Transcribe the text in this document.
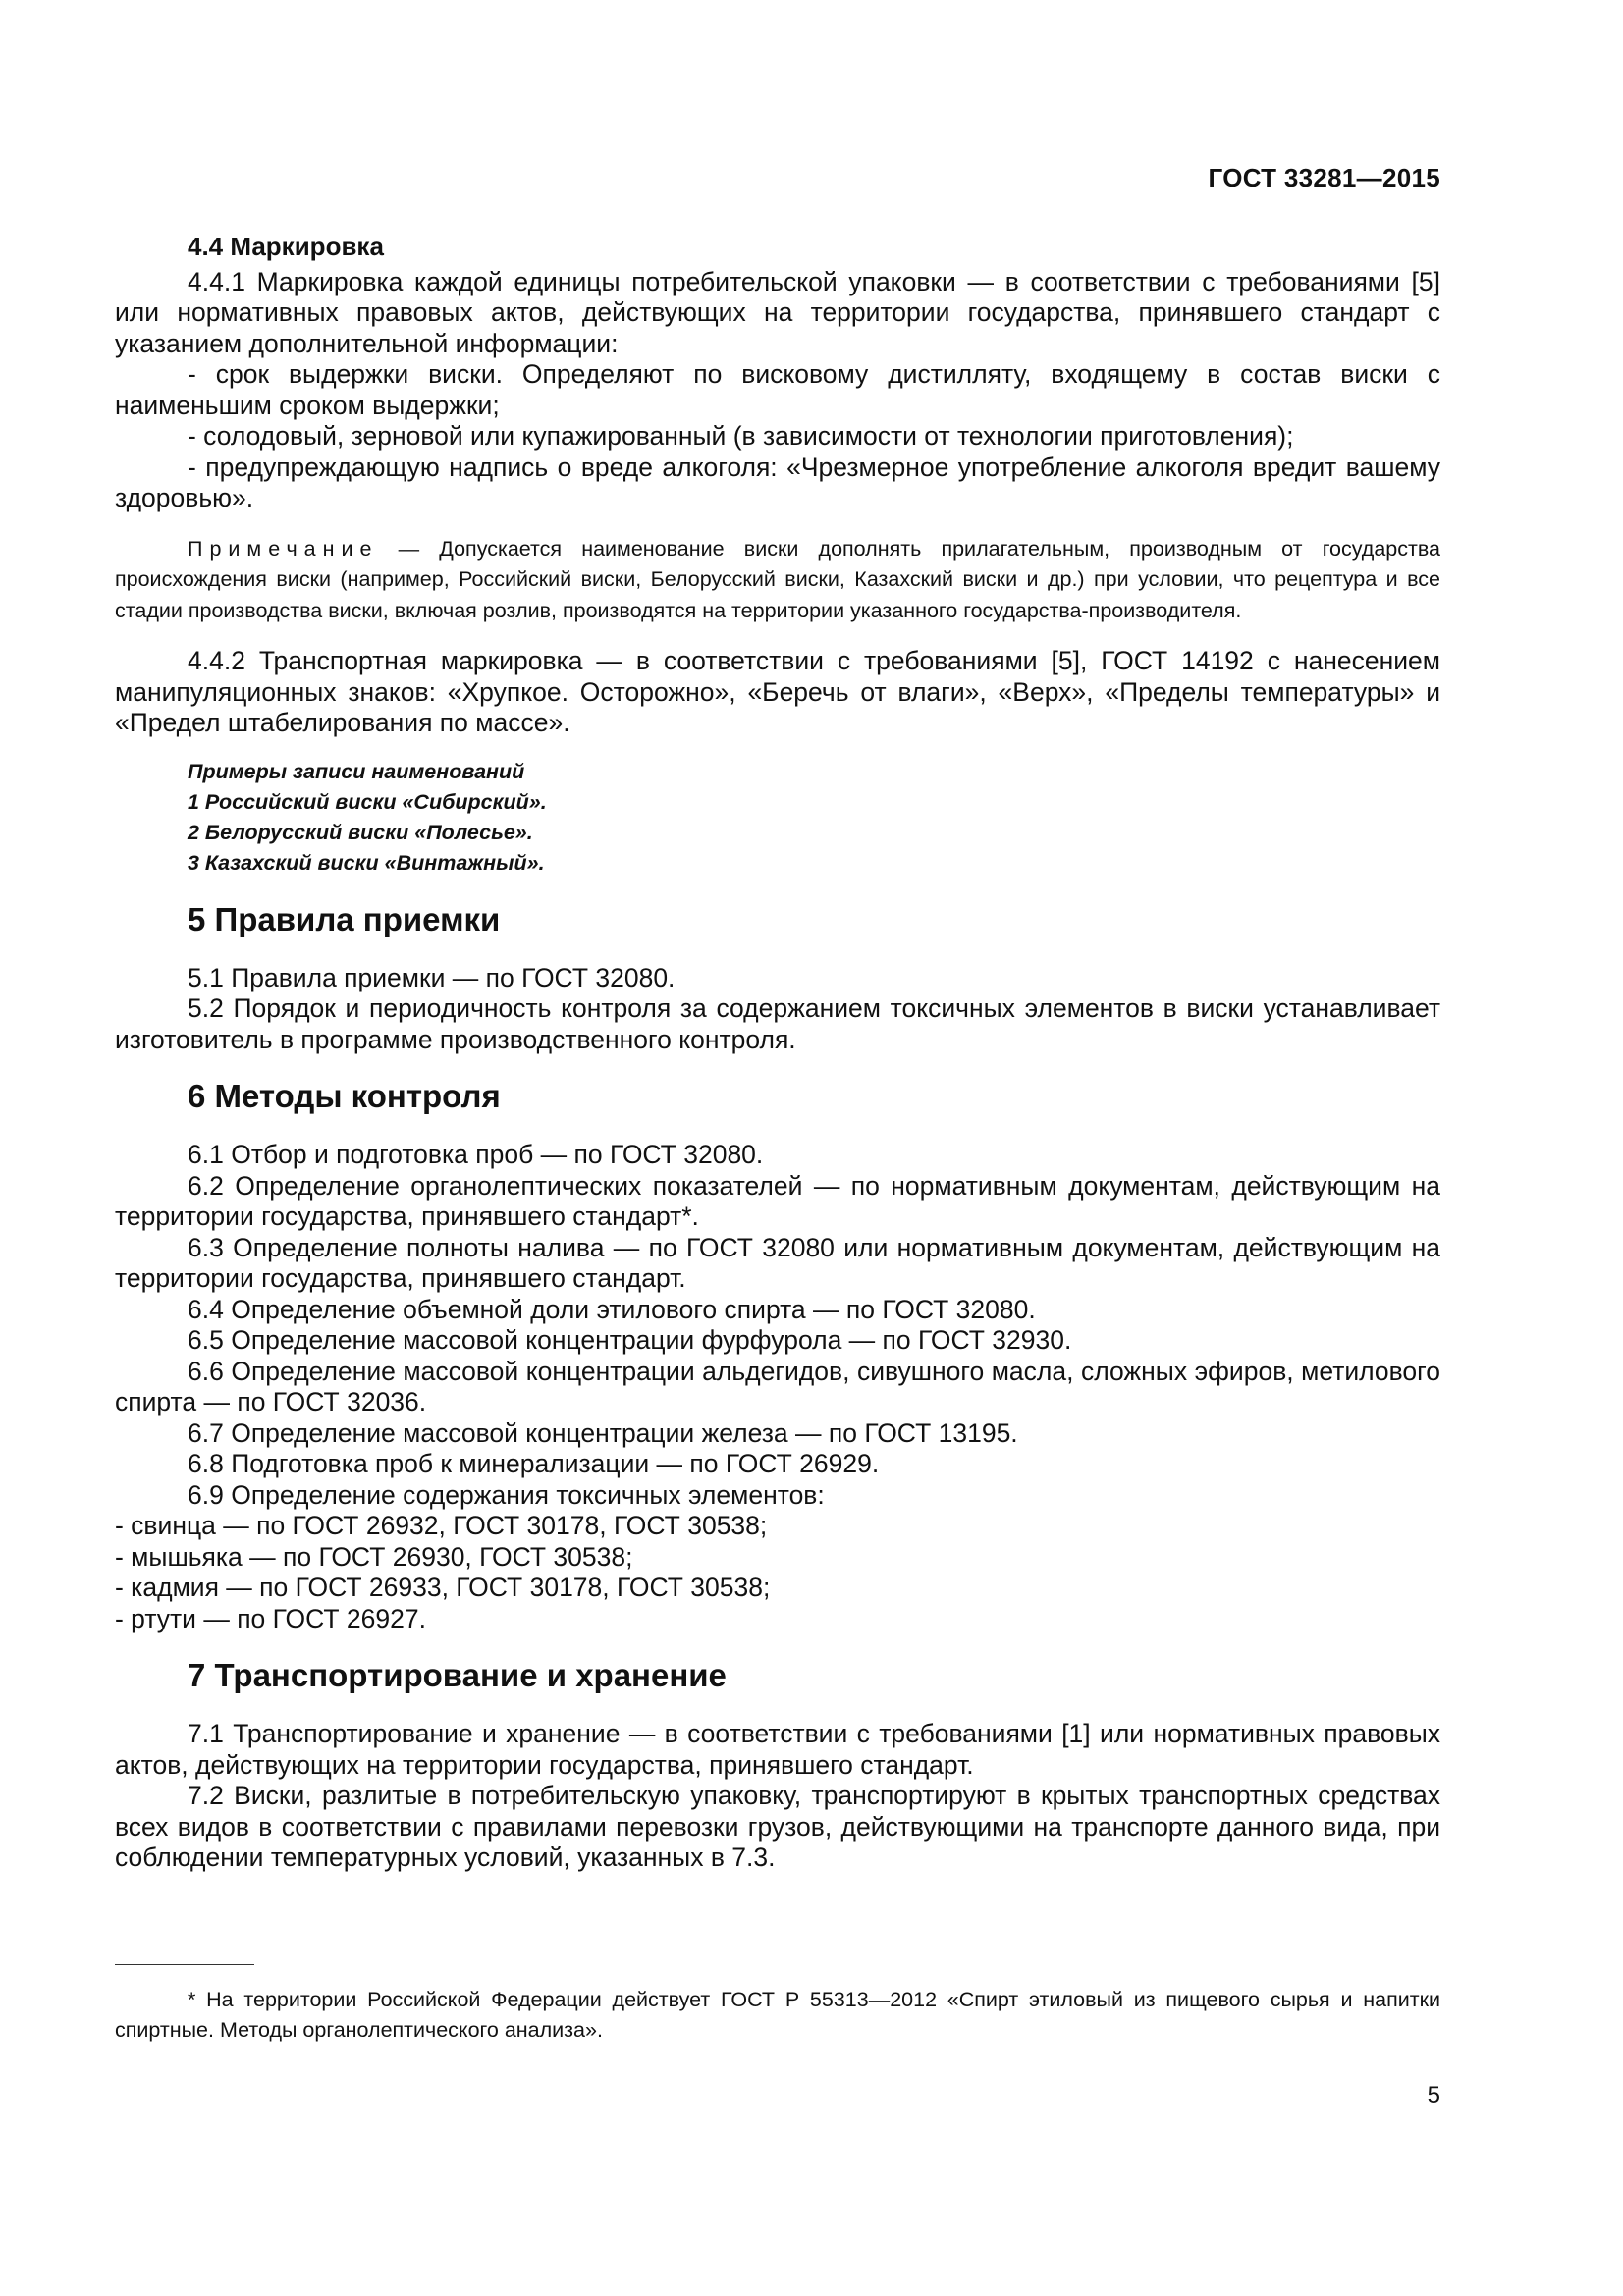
ГОСТ 33281—2015

4.4 Маркировка

4.4.1 Маркировка каждой единицы потребительской упаковки — в соответствии с требованиями [5] или нормативных правовых актов, действующих на территории государства, принявшего стандарт с указанием дополнительной информации:

- срок выдержки виски. Определяют по висковому дистилляту, входящему в состав виски с наименьшим сроком выдержки;

- солодовый, зерновой или купажированный (в зависимости от технологии приготовления);

- предупреждающую надпись о вреде алкоголя: «Чрезмерное употребление алкоголя вредит вашему здоровью».

Примечание — Допускается наименование виски дополнять прилагательным, производным от государства происхождения виски (например, Российский виски, Белорусский виски, Казахский виски и др.) при условии, что рецептура и все стадии производства виски, включая розлив, производятся на территории указанного государства-производителя.

4.4.2 Транспортная маркировка — в соответствии с требованиями [5], ГОСТ 14192 с нанесением манипуляционных знаков: «Хрупкое. Осторожно», «Беречь от влаги», «Верх», «Пределы температуры» и «Предел штабелирования по массе».

Примеры записи наименований

1 Российский виски «Сибирский».

2 Белорусский виски «Полесье».

3 Казахский виски «Винтажный».

5 Правила приемки

5.1 Правила приемки — по ГОСТ 32080.

5.2 Порядок и периодичность контроля за содержанием токсичных элементов в виски устанавливает изготовитель в программе производственного контроля.

6 Методы контроля

6.1 Отбор и подготовка проб — по ГОСТ 32080.

6.2 Определение органолептических показателей — по нормативным документам, действующим на территории государства, принявшего стандарт*.

6.3 Определение полноты налива — по ГОСТ 32080 или нормативным документам, действующим на территории государства, принявшего стандарт.

6.4 Определение объемной доли этилового спирта — по ГОСТ 32080.

6.5 Определение массовой концентрации фурфурола — по ГОСТ 32930.

6.6 Определение массовой концентрации альдегидов, сивушного масла, сложных эфиров, метилового спирта — по ГОСТ 32036.

6.7 Определение массовой концентрации железа — по ГОСТ 13195.

6.8 Подготовка проб к минерализации — по ГОСТ 26929.

6.9 Определение содержания токсичных элементов:

- свинца — по ГОСТ 26932, ГОСТ 30178, ГОСТ 30538;

- мышьяка — по ГОСТ 26930, ГОСТ 30538;

- кадмия — по ГОСТ 26933, ГОСТ 30178, ГОСТ 30538;

- ртути — по ГОСТ 26927.

7 Транспортирование и хранение

7.1 Транспортирование и хранение — в соответствии с требованиями [1] или нормативных правовых актов, действующих на территории государства, принявшего стандарт.

7.2 Виски, разлитые в потребительскую упаковку, транспортируют в крытых транспортных средствах всех видов в соответствии с правилами перевозки грузов, действующими на транспорте данного вида, при соблюдении температурных условий, указанных в 7.3.

* На территории Российской Федерации действует ГОСТ Р 55313—2012 «Спирт этиловый из пищевого сырья и напитки спиртные. Методы органолептического анализа».

5
